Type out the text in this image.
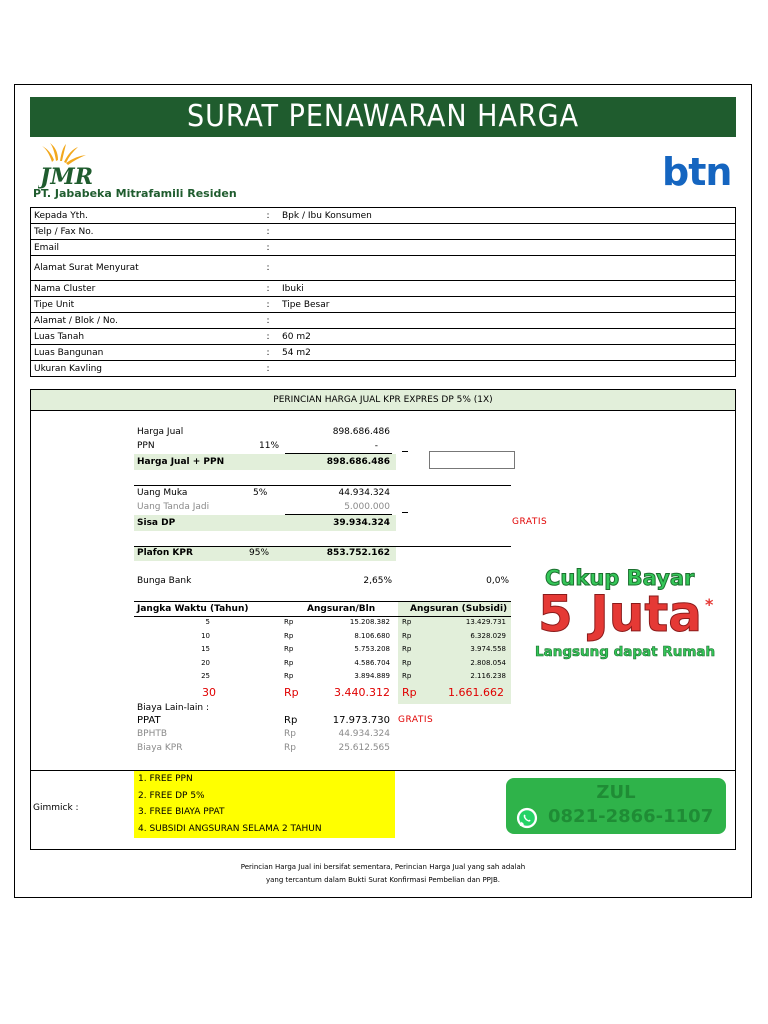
SURAT PENAWARAN HARGA
JMR
PT. Jababeka Mitrafamili Residen	btn
Kepada Yth.	:	Bpk / Ibu Konsumen
Telp / Fax No.	:	
Email	:	
Alamat Surat Menyurat	:	
Nama Cluster	:	Ibuki
Tipe Unit	:	Tipe Besar
Alamat / Blok / No.	:	
Luas Tanah	:	60 m2
Luas Bangunan	:	54 m2
Ukuran Kavling	:	
PERINCIAN HARGA JUAL KPR EXPRES DP 5% (1X)
Harga Jual	898.686.486
PPN	11%	-
Harga Jual + PPN	898.686.486
Uang Muka	5%	44.934.324
Uang Tanda Jadi	5.000.000
Sisa DP	39.934.324	GRATIS
Plafon KPR	95%	853.752.162
Bunga Bank	2,65%	0,0%
Jangka Waktu (Tahun)	Angsuran/Bln	Angsuran (Subsidi)
5	Rp	15.208.382 Rp	13.429.731
10	Rp	8.106.680 Rp	6.328.029
15	Rp	5.753.208 Rp	3.974.558
20	Rp	4.586.704 Rp	2.808.054
25	Rp	3.894.889 Rp	2.116.238
30	Rp	3.440.312 Rp	1.661.662
Biaya Lain-lain :
PPAT	Rp	17.973.730 GRATIS
BPHTB	Rp	44.934.324
Biaya KPR	Rp	25.612.565
Cukup Bayar
5 Juta *
Langsung dapat Rumah
Gimmick :
1. FREE PPN
2. FREE DP 5%
3. FREE BIAYA PPAT
4. SUBSIDI ANGSURAN SELAMA 2 TAHUN
ZUL
0821-2866-1107
Perincian Harga Jual ini bersifat sementara, Perincian Harga Jual yang sah adalah
yang tercantum dalam Bukti Surat Konfirmasi Pembelian dan PPJB.
